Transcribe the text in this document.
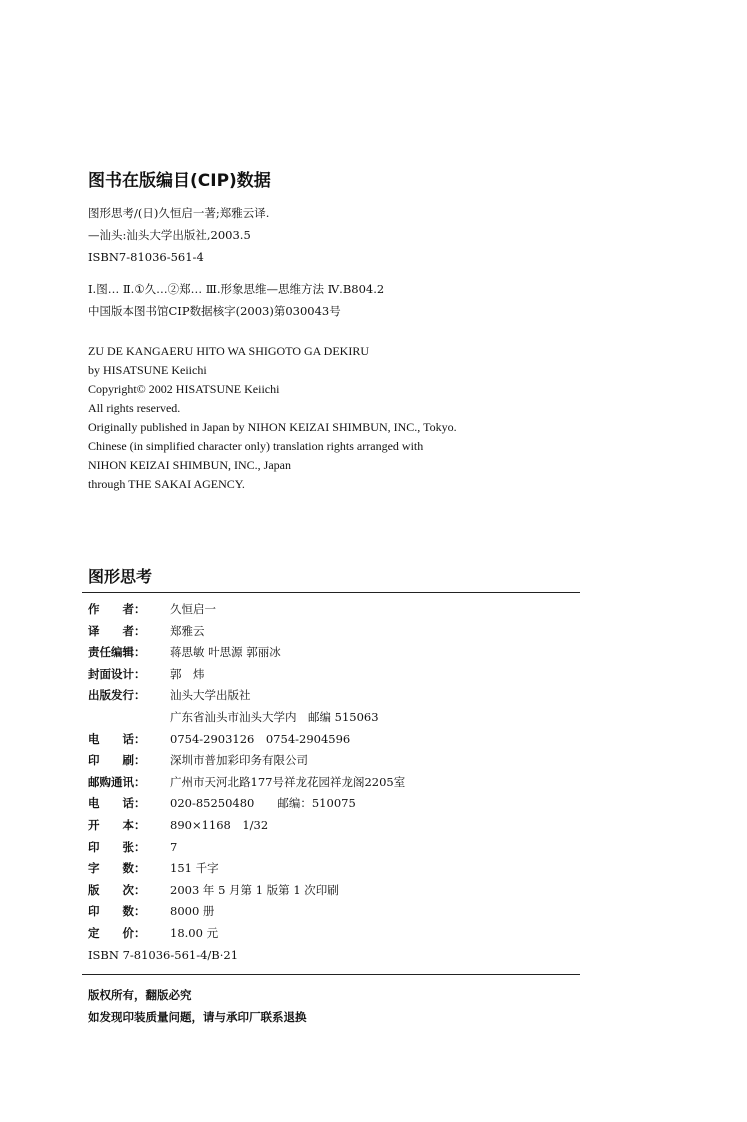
图书在版编目(CIP)数据
图形思考/(日)久恒启一著;郑雅云译.
—汕头:汕头大学出版社,2003.5
ISBN7-81036-561-4
Ⅰ.图… Ⅱ.①久…②郑… Ⅲ.形象思维—思维方法 Ⅳ.B804.2
中国版本图书馆CIP数据核字(2003)第030043号
ZU DE KANGAERU HITO WA SHIGOTO GA DEKIRU
by HISATSUNE Keiichi
Copyright© 2002 HISATSUNE Keiichi
All rights reserved.
Originally published in Japan by NIHON KEIZAI SHIMBUN, INC., Tokyo.
Chinese (in simplified character only) translation rights arranged with
NIHON KEIZAI SHIMBUN, INC., Japan
through THE SAKAI AGENCY.
图形思考
作　　者：	久恒启一
译　　者：	郑雅云
责任编辑：	蒋思敏 叶思源 郭丽冰
封面设计：	郭　炜
出版发行：	汕头大学出版社
广东省汕头市汕头大学内　邮编 515063
电　　话：	0754-2903126　0754-2904596
印　　刷：	深圳市普加彩印务有限公司
邮购通讯：	广州市天河北路177号祥龙花园祥龙阁2205室
电　　话：	020-85250480　　邮编：510075
开　　本：	890×1168　1/32
印　　张：	7
字　　数：	151 千字
版　　次：	2003 年 5 月第 1 版第 1 次印刷
印　　数：	8000 册
定　　价：	18.00 元
ISBN 7-81036-561-4/B·21
版权所有，翻版必究
如发现印装质量问题，请与承印厂联系退换
